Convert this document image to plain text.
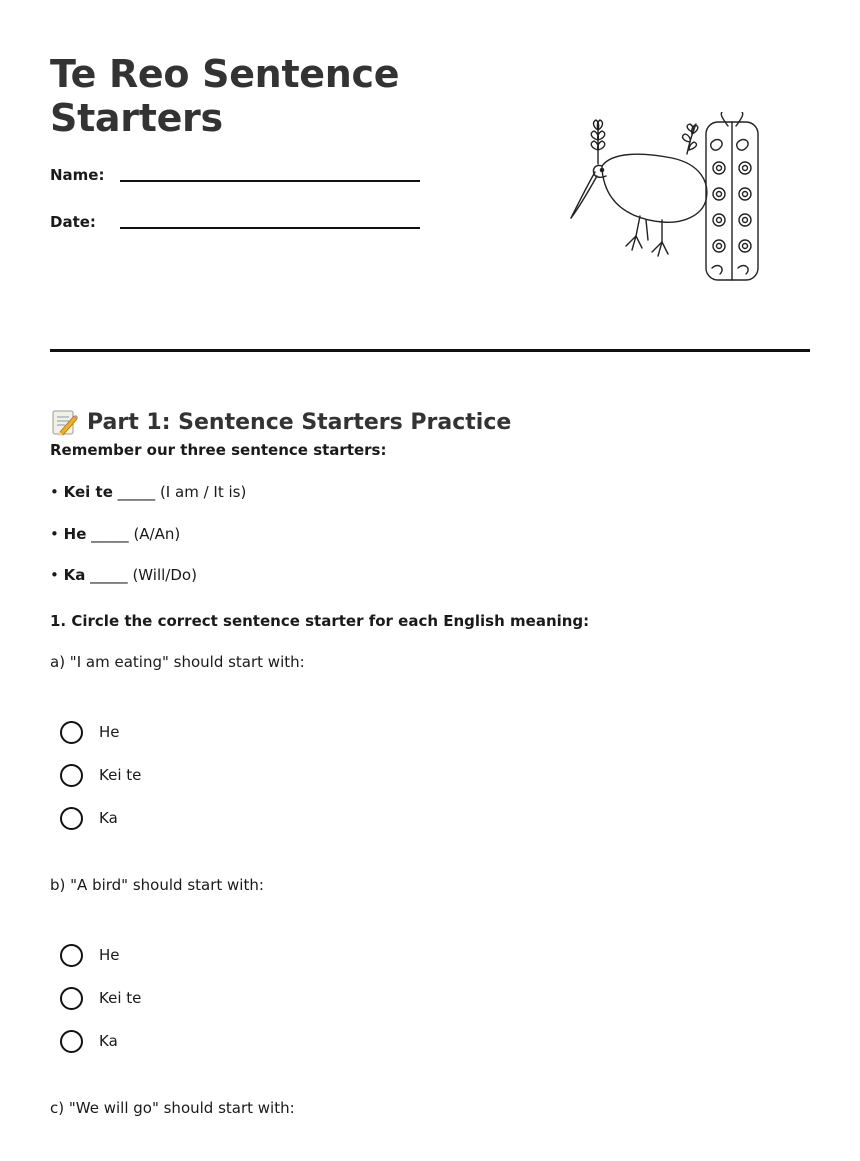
Te Reo Sentence
Starters
Name:
Date:
Part 1: Sentence Starters Practice
Remember our three sentence starters:
• Kei te _____ (I am / It is)
• He _____ (A/An)
• Ka _____ (Will/Do)
1. Circle the correct sentence starter for each English meaning:
a) "I am eating" should start with:
He
Kei te
Ka
b) "A bird" should start with:
He
Kei te
Ka
c) "We will go" should start with:
